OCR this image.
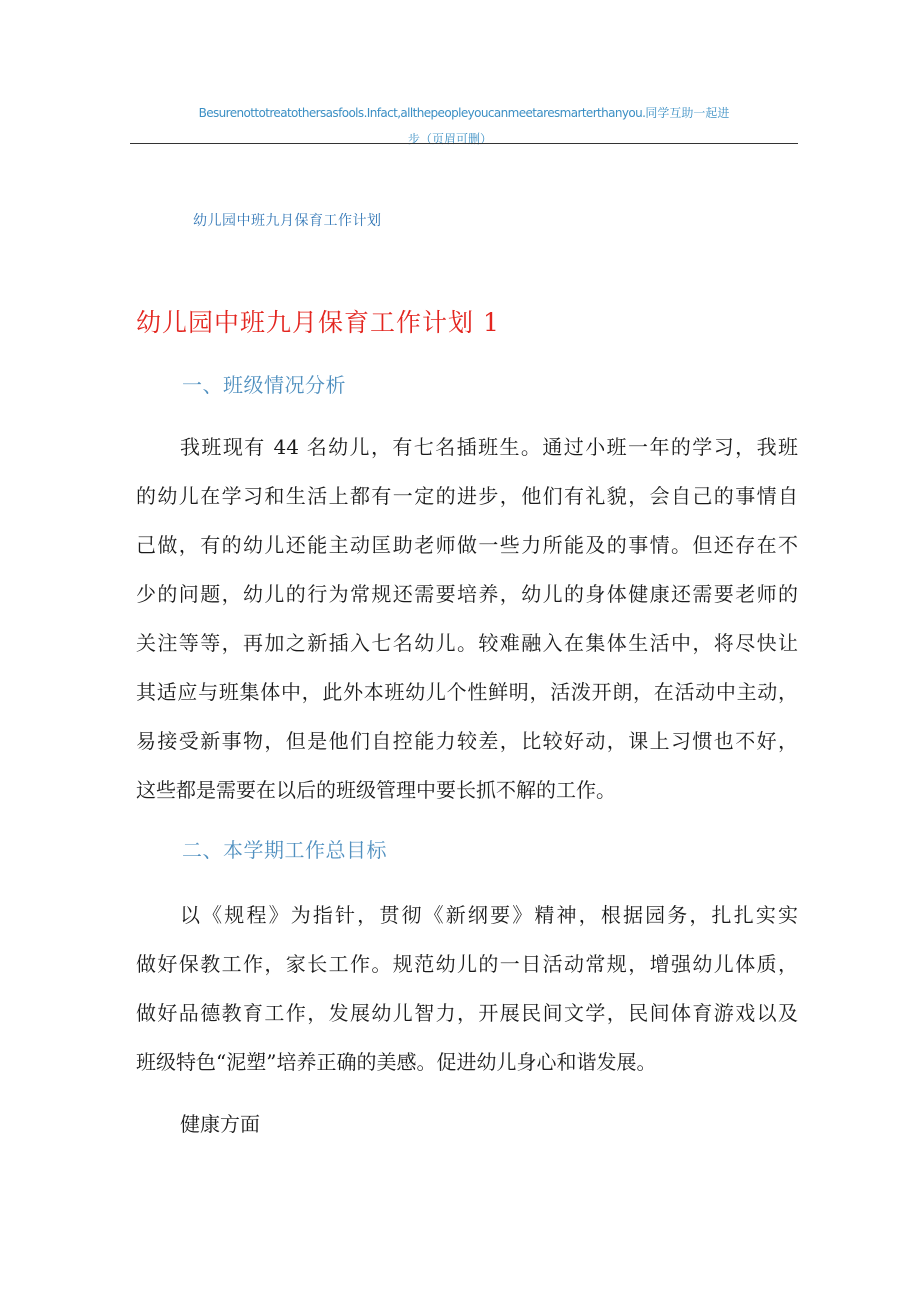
Besurenottotreatothersasfools.Infact,allthepeopleyoucanmeetaresmarterthanyou.同学互助一起进
步（页眉可删）
幼儿园中班九月保育工作计划
幼儿园中班九月保育工作计划 1
一、班级情况分析
我班现有 44 名幼儿，有七名插班生。通过小班一年的学习，我班
的幼儿在学习和生活上都有一定的进步，他们有礼貌，会自己的事情自
己做，有的幼儿还能主动匡助老师做一些力所能及的事情。但还存在不
少的问题，幼儿的行为常规还需要培养，幼儿的身体健康还需要老师的
关注等等，再加之新插入七名幼儿。较难融入在集体生活中，将尽快让
其适应与班集体中，此外本班幼儿个性鲜明，活泼开朗，在活动中主动，
易接受新事物，但是他们自控能力较差，比较好动，课上习惯也不好，
这些都是需要在以后的班级管理中要长抓不解的工作。
二、本学期工作总目标
以《规程》为指针，贯彻《新纲要》精神，根据园务，扎扎实实
做好保教工作，家长工作。规范幼儿的一日活动常规，增强幼儿体质，
做好品德教育工作，发展幼儿智力，开展民间文学，民间体育游戏以及
班级特色“泥塑”培养正确的美感。促进幼儿身心和谐发展。
健康方面
